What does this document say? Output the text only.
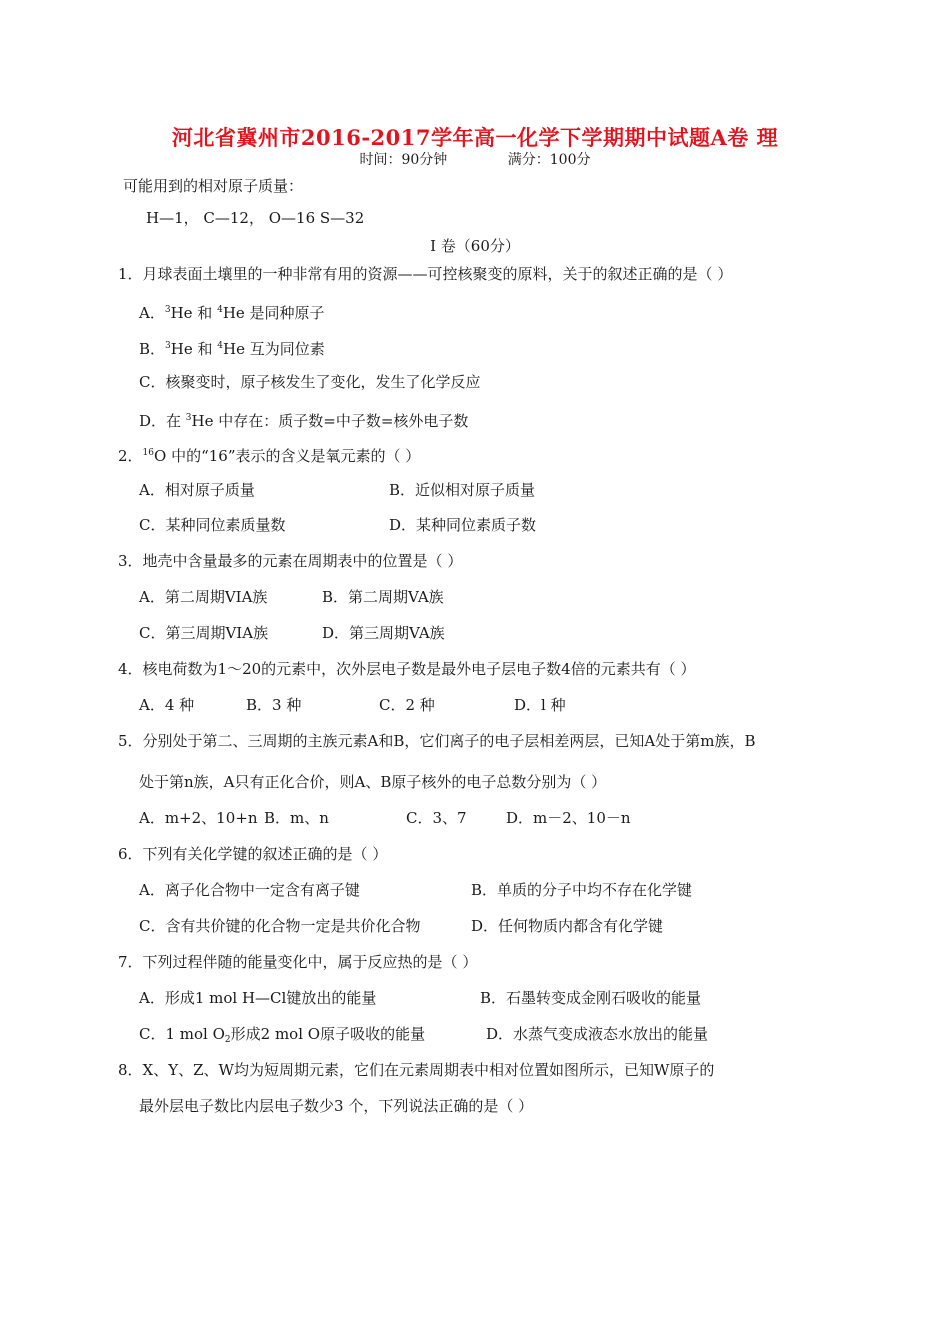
河北省冀州市2016-2017学年高一化学下学期期中试题A卷 理
时间：90分钟	满分：100分
可能用到的相对原子质量：
H—1， C—12， O—16 S—32
Ⅰ 卷（60分）
1．月球表面土壤里的一种非常有用的资源——可控核聚变的原料，关于的叙述正确的是（ ）
A．$^3$He 和 $^4$He 是同种原子
B．$^3$He 和 $^4$He 互为同位素
C．核聚变时，原子核发生了变化，发生了化学反应
D．在 $^3$He 中存在：质子数=中子数=核外电子数
2．$^{16}$O 中的“16”表示的含义是氧元素的（ ）
A．相对原子质量	B．近似相对原子质量
C．某种同位素质量数	D．某种同位素质子数
3．地壳中含量最多的元素在周期表中的位置是（ ）
A．第二周期VIA族	B．第二周期VA族
C．第三周期VIA族	D．第三周期VA族
4．核电荷数为1～20的元素中，次外层电子数是最外电子层电子数4倍的元素共有（ ）
A．4 种	B．3 种	C．2 种	D．l 种
5．分别处于第二、三周期的主族元素A和B，它们离子的电子层相差两层，已知A处于第m族，B
处于第n族，A只有正化合价，则A、B原子核外的电子总数分别为（ ）
A．m+2、10+n B．m、n	C．3、7	D．m－2、10－n
6．下列有关化学键的叙述正确的是（ ）
A．离子化合物中一定含有离子键	B．单质的分子中均不存在化学键
C．含有共价键的化合物一定是共价化合物	D．任何物质内都含有化学键
7．下列过程伴随的能量变化中，属于反应热的是（ ）
A．形成1 mol H—Cl键放出的能量	B．石墨转变成金刚石吸收的能量
C．1 mol $O_2$形成2 mol O原子吸收的能量	D．水蒸气变成液态水放出的能量
8．X、Y、Z、W均为短周期元素，它们在元素周期表中相对位置如图所示，已知W原子的
最外层电子数比内层电子数少3 个，下列说法正确的是（ ）
